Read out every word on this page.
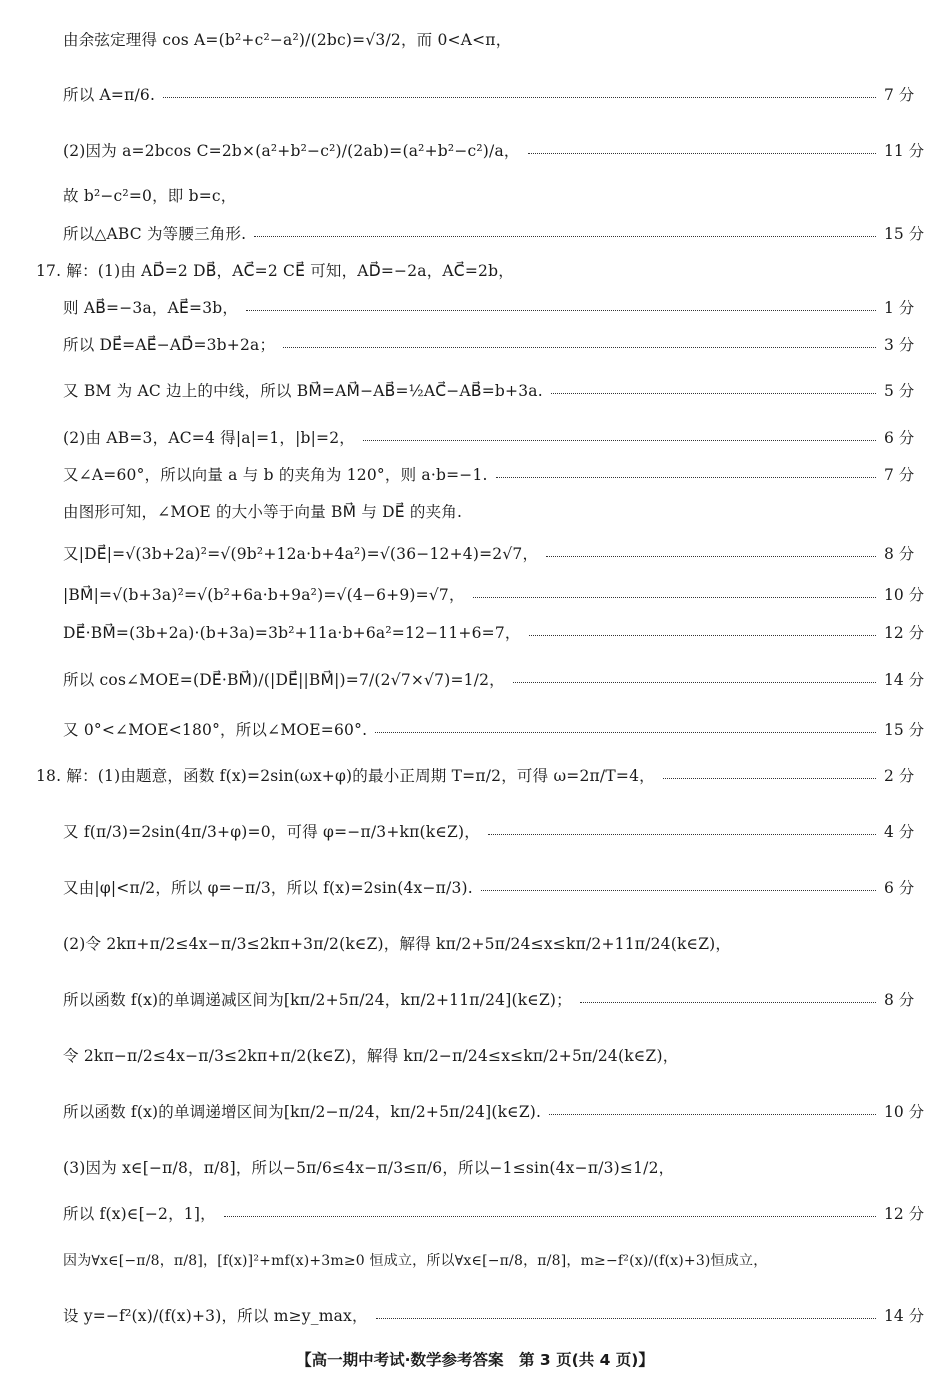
由余弦定理得 cos A=(b²+c²−a²)/(2bc)=√3/2，而 0<A<π，
所以 A=π/6.	7 分
(2)因为 a=2bcos C=2b×(a²+b²−c²)/(2ab)=(a²+b²−c²)/a，	11 分
故 b²−c²=0，即 b=c，
所以△ABC 为等腰三角形.	15 分
17. 解：(1)由 AD⃗=2 DB⃗，AC⃗=2 CE⃗ 可知，AD⃗=−2a，AC⃗=2b，
则 AB⃗=−3a，AE⃗=3b，	1 分
所以 DE⃗=AE⃗−AD⃗=3b+2a；	3 分
又 BM 为 AC 边上的中线，所以 BM⃗=AM⃗−AB⃗=½AC⃗−AB⃗=b+3a.	5 分
(2)由 AB=3，AC=4 得|a|=1，|b|=2，	6 分
又∠A=60°，所以向量 a 与 b 的夹角为 120°，则 a·b=−1.	7 分
由图形可知，∠MOE 的大小等于向量 BM⃗ 与 DE⃗ 的夹角.
又|DE⃗|=√(3b+2a)²=√(9b²+12a·b+4a²)=√(36−12+4)=2√7，	8 分
|BM⃗|=√(b+3a)²=√(b²+6a·b+9a²)=√(4−6+9)=√7，	10 分
DE⃗·BM⃗=(3b+2a)·(b+3a)=3b²+11a·b+6a²=12−11+6=7，	12 分
所以 cos∠MOE=(DE⃗·BM⃗)/(|DE⃗||BM⃗|)=7/(2√7×√7)=1/2，	14 分
又 0°<∠MOE<180°，所以∠MOE=60°.	15 分
18. 解：(1)由题意，函数 f(x)=2sin(ωx+φ)的最小正周期 T=π/2，可得 ω=2π/T=4，	2 分
又 f(π/3)=2sin(4π/3+φ)=0，可得 φ=−π/3+kπ(k∈Z)，	4 分
又由|φ|<π/2，所以 φ=−π/3，所以 f(x)=2sin(4x−π/3).	6 分
(2)令 2kπ+π/2≤4x−π/3≤2kπ+3π/2(k∈Z)，解得 kπ/2+5π/24≤x≤kπ/2+11π/24(k∈Z)，
所以函数 f(x)的单调递减区间为[kπ/2+5π/24，kπ/2+11π/24](k∈Z)；	8 分
令 2kπ−π/2≤4x−π/3≤2kπ+π/2(k∈Z)，解得 kπ/2−π/24≤x≤kπ/2+5π/24(k∈Z)，
所以函数 f(x)的单调递增区间为[kπ/2−π/24，kπ/2+5π/24](k∈Z).	10 分
(3)因为 x∈[−π/8，π/8]，所以−5π/6≤4x−π/3≤π/6，所以−1≤sin(4x−π/3)≤1/2，
所以 f(x)∈[−2，1]，	12 分
因为∀x∈[−π/8，π/8]，[f(x)]²+mf(x)+3m≥0 恒成立，所以∀x∈[−π/8，π/8]，m≥−f²(x)/(f(x)+3)恒成立，
设 y=−f²(x)/(f(x)+3)，所以 m≥y_max，	14 分
【高一期中考试·数学参考答案　第 3 页(共 4 页)】
